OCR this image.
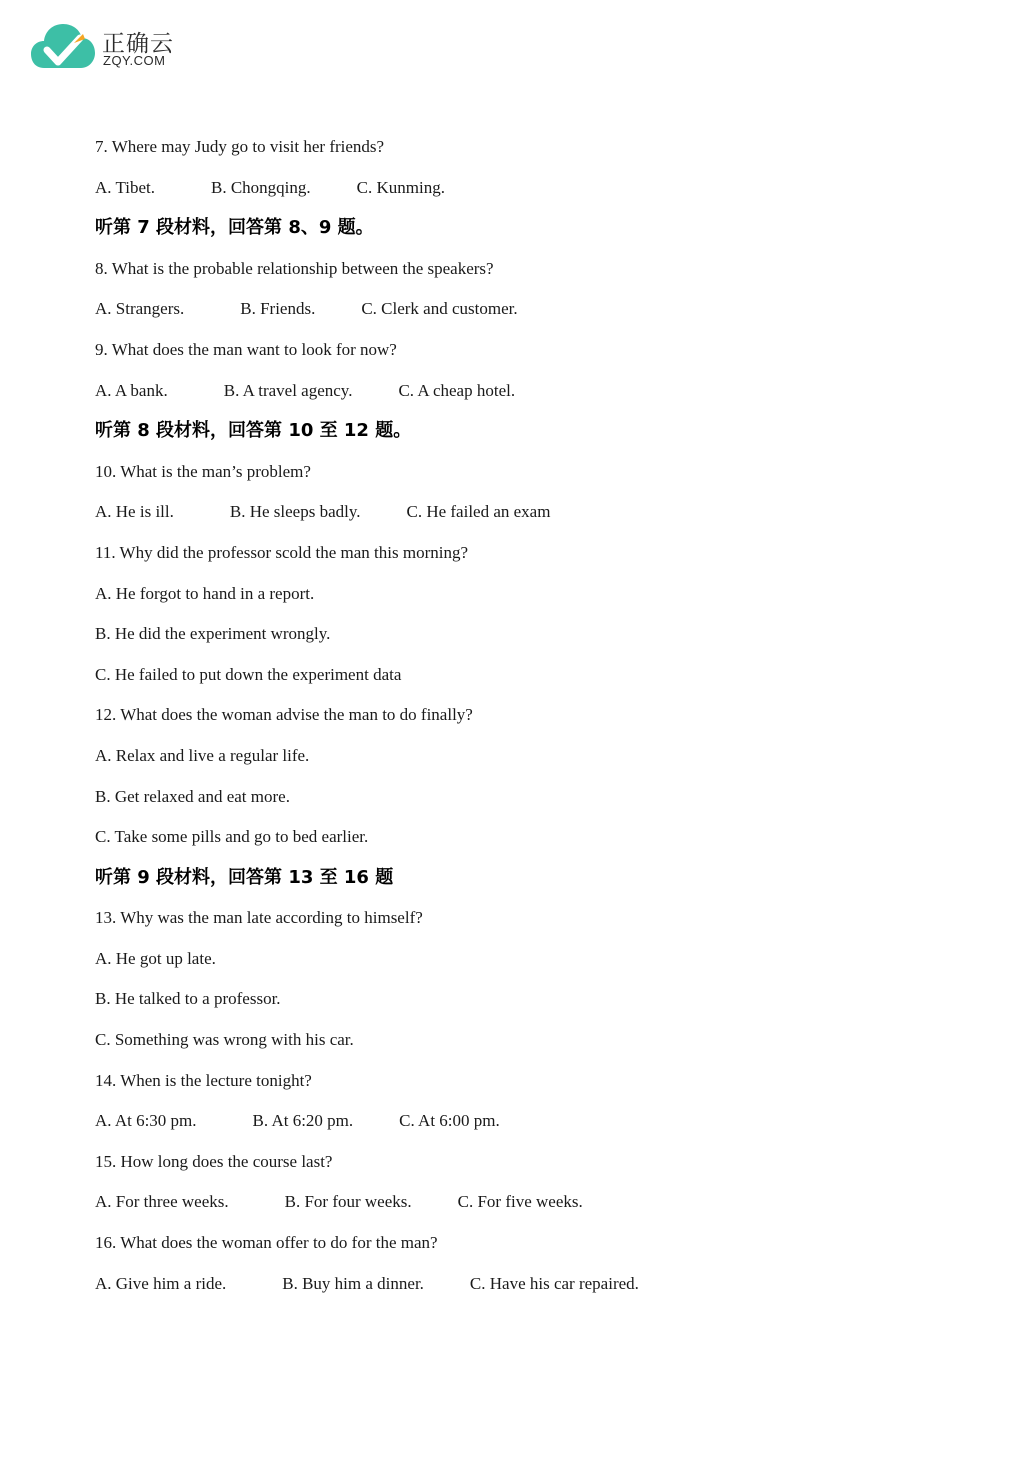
正确云
ZQY.COM
7. Where may Judy go to visit her friends?
A. Tibet.	B. Chongqing.	C. Kunming.
听第 7 段材料，回答第 8、9 题。
8. What is the probable relationship between the speakers?
A. Strangers.	B. Friends.	C. Clerk and customer.
9. What does the man want to look for now?
A. A bank.	B. A travel agency.	C. A cheap hotel.
听第 8 段材料，回答第 10 至 12 题。
10. What is the man’s problem?
A. He is ill.	B. He sleeps badly.	C. He failed an exam
11. Why did the professor scold the man this morning?
A. He forgot to hand in a report.
B. He did the experiment wrongly.
C. He failed to put down the experiment data
12. What does the woman advise the man to do finally?
A. Relax and live a regular life.
B. Get relaxed and eat more.
C. Take some pills and go to bed earlier.
听第 9 段材料，回答第 13 至 16 题
13. Why was the man late according to himself?
A. He got up late.
B. He talked to a professor.
C. Something was wrong with his car.
14. When is the lecture tonight?
A. At 6:30 pm.	B. At 6:20 pm.	C. At 6:00 pm.
15. How long does the course last?
A. For three weeks.	B. For four weeks.	C. For five weeks.
16. What does the woman offer to do for the man?
A. Give him a ride.	B. Buy him a dinner.	C. Have his car repaired.
